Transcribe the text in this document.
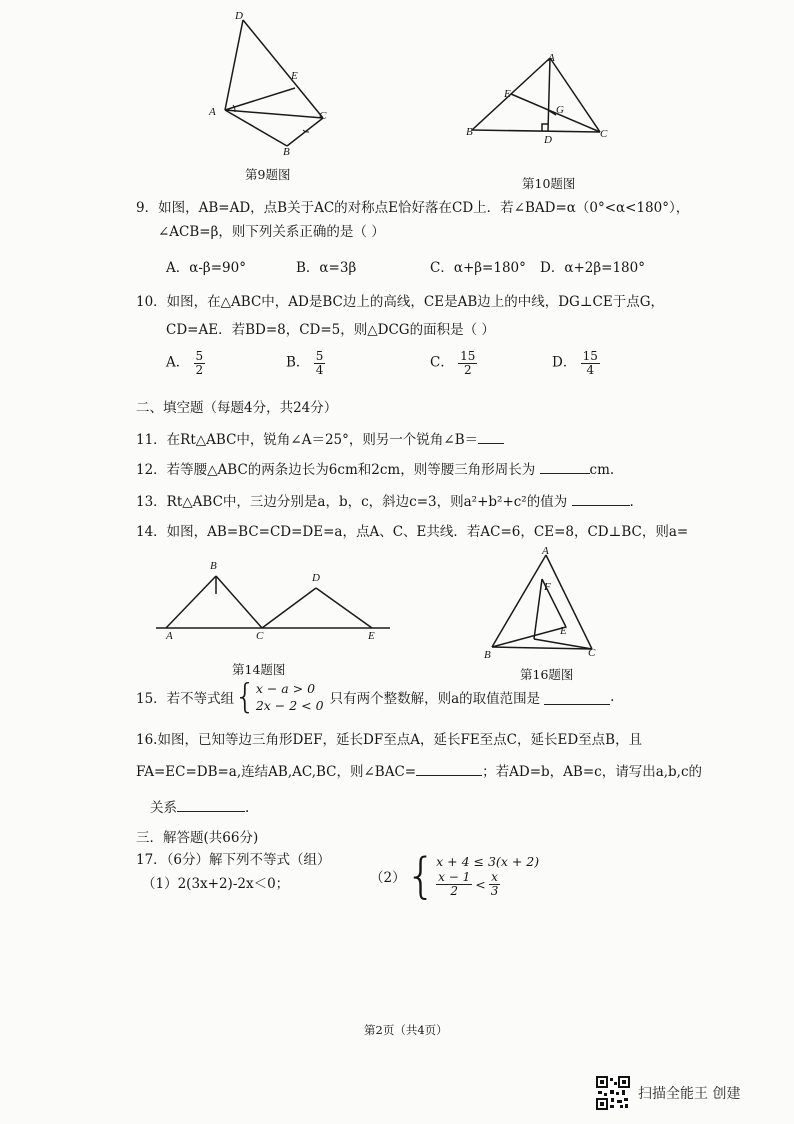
D
E
A	C
B
第9题图
A
E
G
B
D	C
第10题图
9．如图，AB=AD，点B关于AC的对称点E恰好落在CD上．若∠BAD=α（0°<α<180°），
∠ACB=β，则下列关系正确的是（ ）
A．α-β=90°	B．α=3β	C．α+β=180° D．α+2β=180°
10．如图，在△ABC中，AD是BC边上的高线，CE是AB边上的中线，DG⊥CE于点G，
CD=AE．若BD=8，CD=5，则△DCG的面积是（ ）
A． $\frac{5}{2}$	B． $\frac{5}{4}$	C． $\frac{15}{2}$	D． $\frac{15}{4}$
二、填空题（每题4分，共24分）
11．在Rt△ABC中，锐角∠A＝25°，则另一个锐角∠B＝
12．若等腰△ABC的两条边长为6cm和2cm，则等腰三角形周长为	cm.
13．Rt△ABC中，三边分别是a，b，c，斜边c=3，则a²+b²+c²的值为	.
14．如图，AB=BC=CD=DE=a，点A、C、E共线．若AC=6，CE=8，CD⊥BC，则a=
B
D
A	C	E
第14题图
A
F
E
B	C
第16题图
15．若不等式组 { x − a > 0
2x − 2 < 0 只有两个整数解，则a的取值范围是	.
16.如图，已知等边三角形DEF，延长DF至点A，延长FE至点C，延长ED至点B，且
FA=EC=DB=a,连结AB,AC,BC，则∠BAC=	；若AD=b，AB=c，请写出a,b,c的
关系	.
三．解答题(共66分)
17．（6分）解下列不等式（组）
（1）2(3x+2)-2x＜0；	（2） { x + 4 ≤ 3(x + 2)
$\frac{x - 1}{2} < \frac{x}{3}$
第2页（共4页）
扫描全能王 创建
